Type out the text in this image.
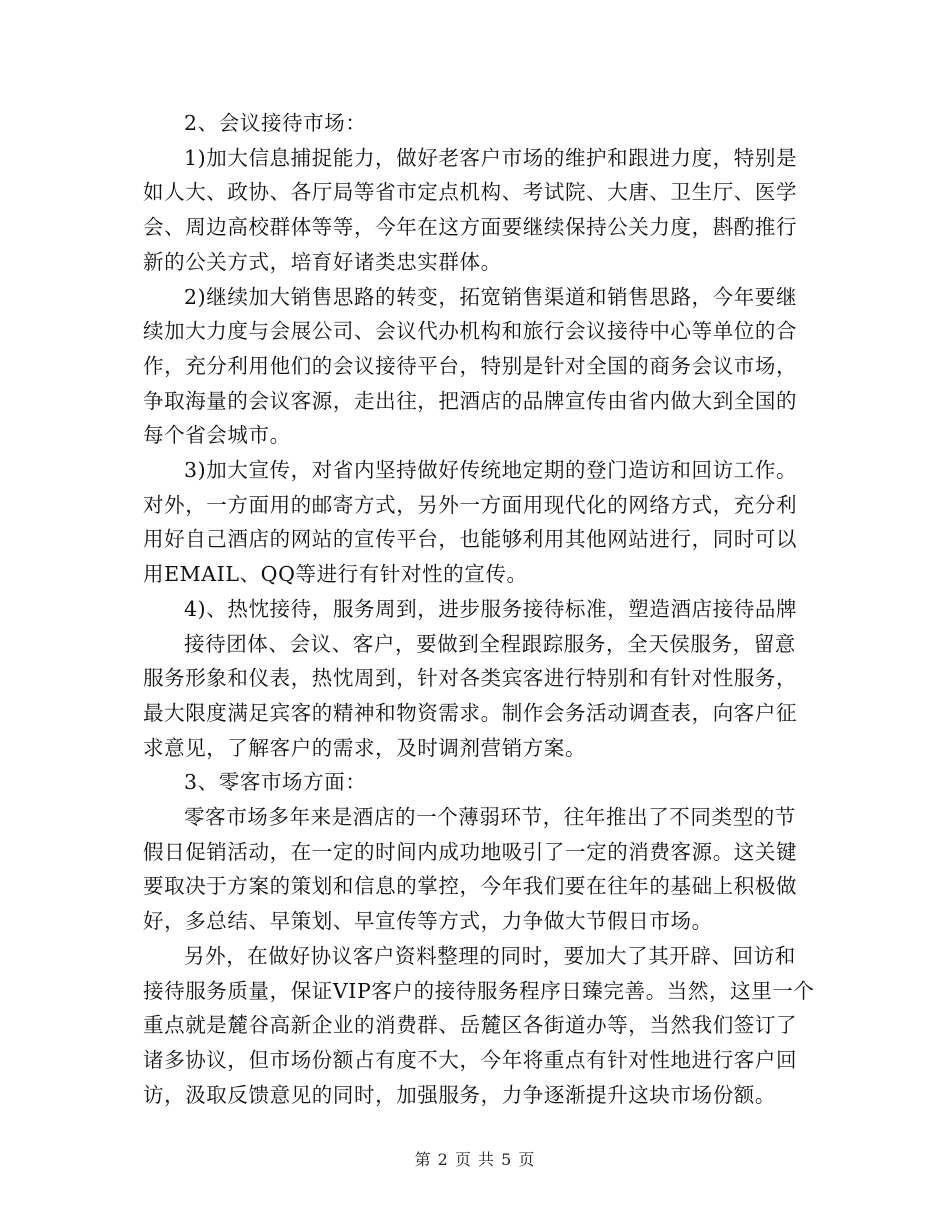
2、会议接待市场：

1)加大信息捕捉能力，做好老客户市场的维护和跟进力度，特别是如人大、政协、各厅局等省市定点机构、考试院、大唐、卫生厅、医学会、周边高校群体等等，今年在这方面要继续保持公关力度，斟酌推行新的公关方式，培育好诸类忠实群体。

2)继续加大销售思路的转变，拓宽销售渠道和销售思路，今年要继续加大力度与会展公司、会议代办机构和旅行会议接待中心等单位的合作，充分利用他们的会议接待平台，特别是针对全国的商务会议市场，争取海量的会议客源，走出往，把酒店的品牌宣传由省内做大到全国的每个省会城市。

3)加大宣传，对省内坚持做好传统地定期的登门造访和回访工作。对外，一方面用的邮寄方式，另外一方面用现代化的网络方式，充分利用好自己酒店的网站的宣传平台，也能够利用其他网站进行，同时可以用EMAIL、QQ等进行有针对性的宣传。

4)、热忱接待，服务周到，进步服务接待标准，塑造酒店接待品牌

接待团体、会议、客户，要做到全程跟踪服务，全天侯服务，留意服务形象和仪表，热忱周到，针对各类宾客进行特别和有针对性服务，最大限度满足宾客的精神和物资需求。制作会务活动调查表，向客户征求意见，了解客户的需求，及时调剂营销方案。

3、零客市场方面：

零客市场多年来是酒店的一个薄弱环节，往年推出了不同类型的节假日促销活动，在一定的时间内成功地吸引了一定的消费客源。这关键要取决于方案的策划和信息的掌控，今年我们要在往年的基础上积极做好，多总结、早策划、早宣传等方式，力争做大节假日市场。

另外，在做好协议客户资料整理的同时，要加大了其开辟、回访和接待服务质量，保证VIP客户的接待服务程序日臻完善。当然，这里一个重点就是麓谷高新企业的消费群、岳麓区各街道办等，当然我们签订了诸多协议，但市场份额占有度不大，今年将重点有针对性地进行客户回访，汲取反馈意见的同时，加强服务，力争逐渐提升这块市场份额。

第 2 页 共 5 页
